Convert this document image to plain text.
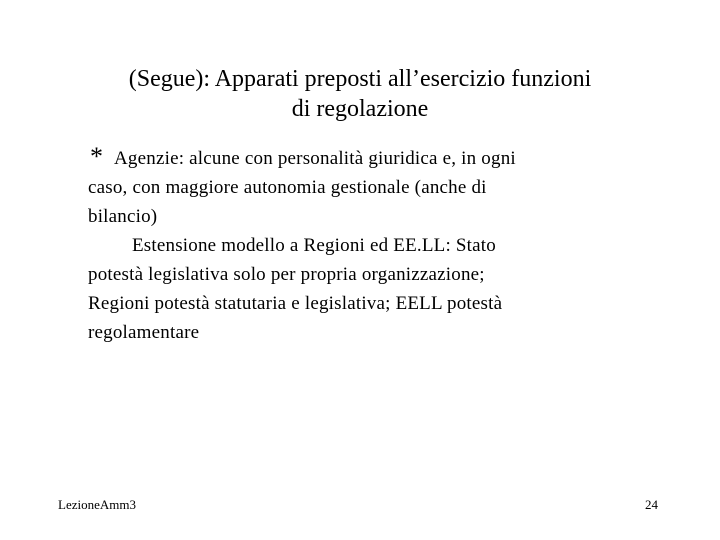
(Segue): Apparati preposti all’esercizio funzioni
di regolazione
* Agenzie: alcune con personalità giuridica e, in ogni
caso, con maggiore autonomia gestionale (anche di
bilancio)
Estensione modello a Regioni ed EE.LL: Stato
potestà legislativa solo per propria organizzazione;
Regioni potestà statutaria e legislativa; EELL potestà
regolamentare
LezioneAmm3	24
